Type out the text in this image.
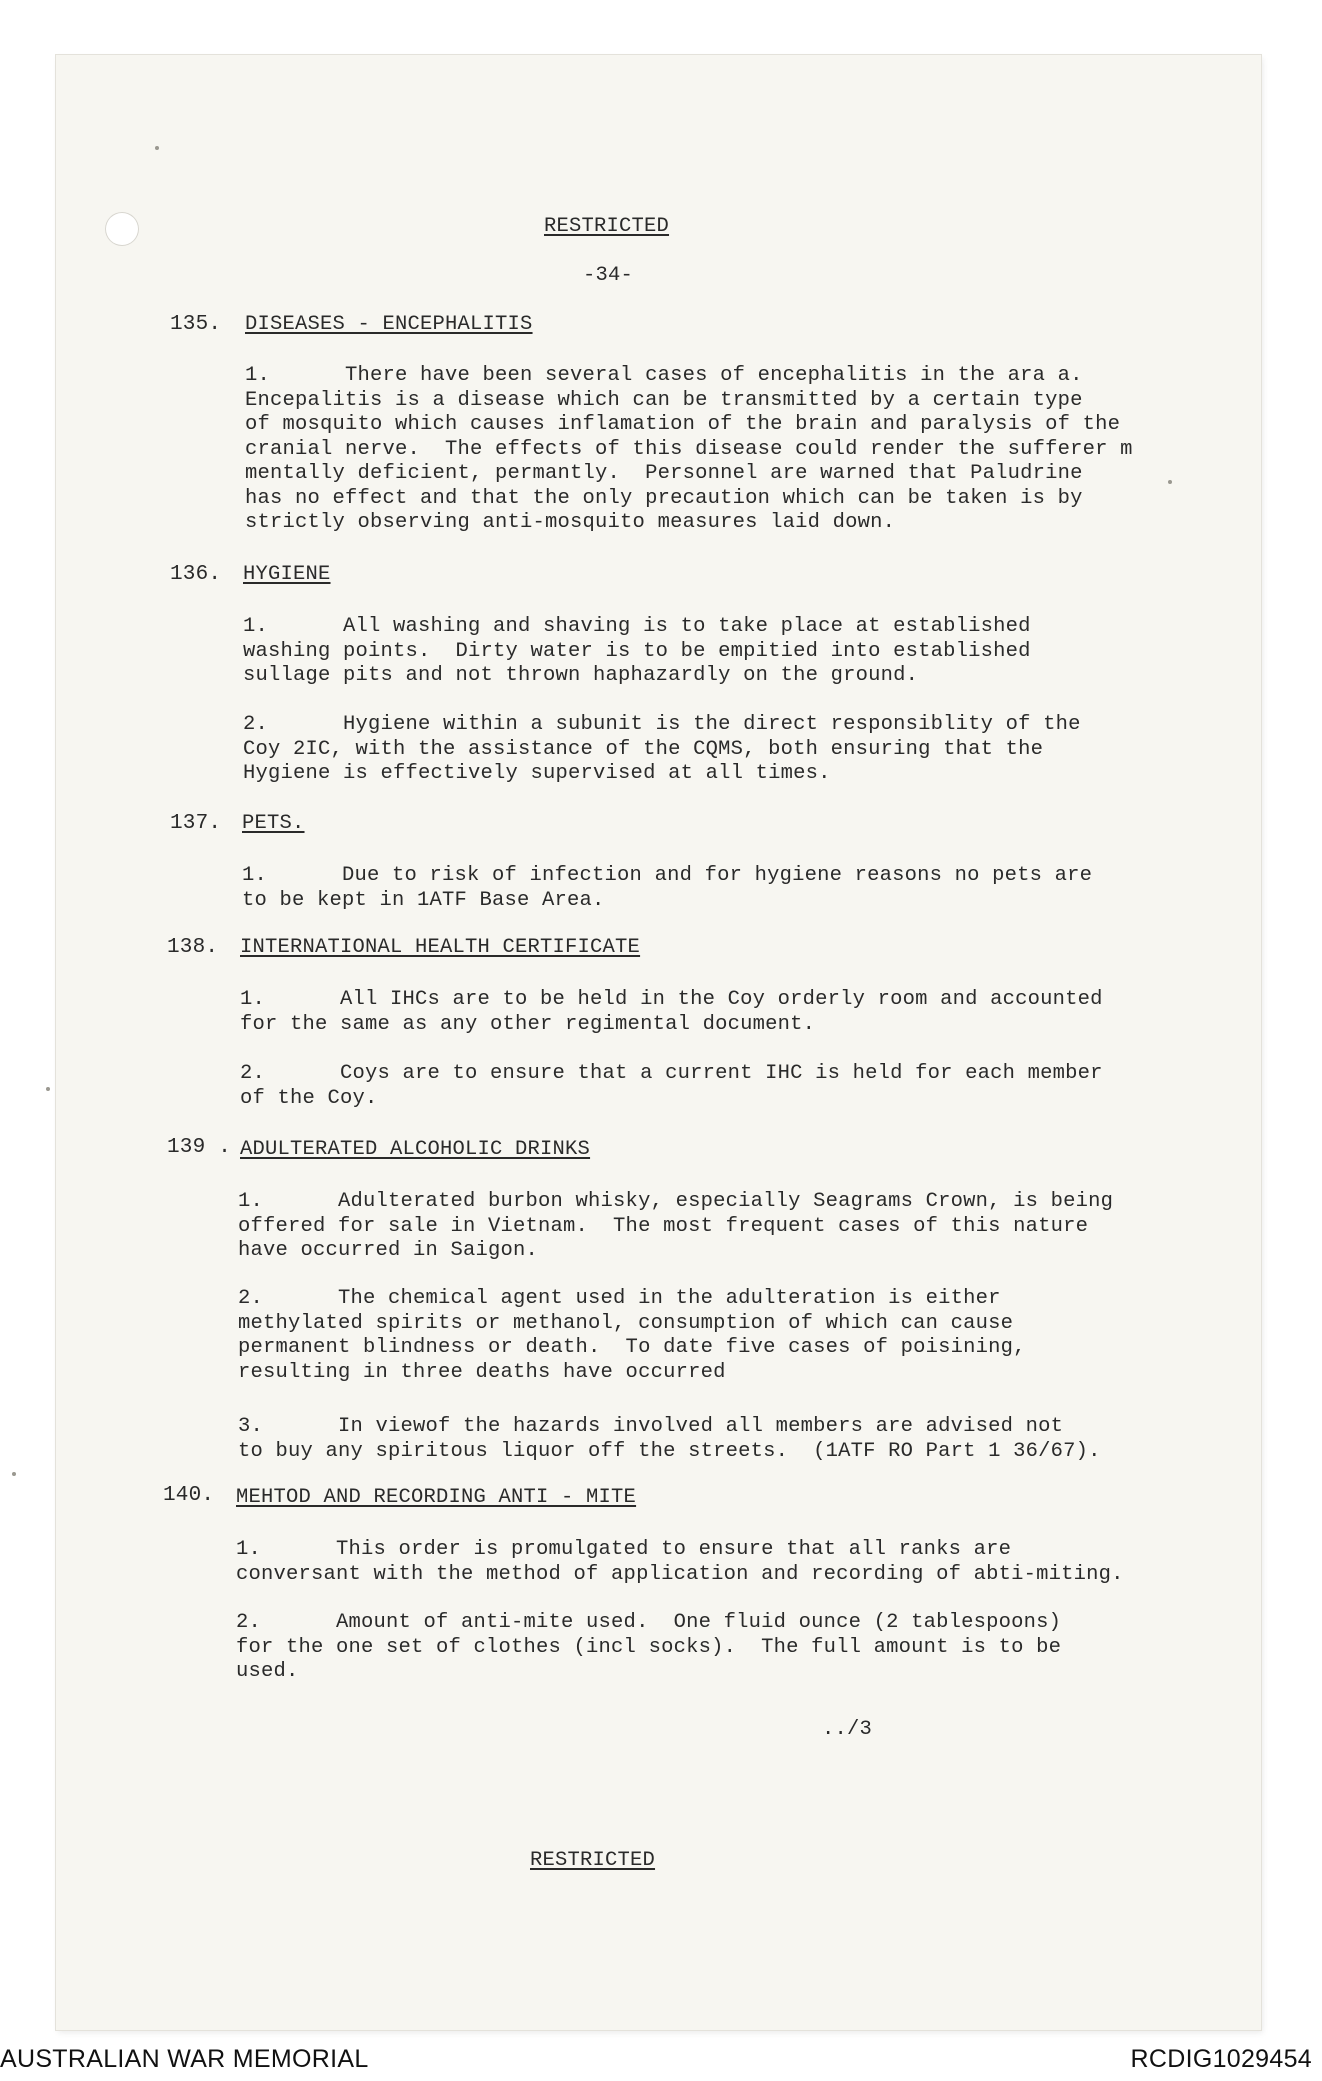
RESTRICTED
-34-
135. DISEASES - ENCEPHALITIS
1.      There have been several cases of encephalitis in the ara a.
Encepalitis is a disease which can be transmitted by a certain type
of mosquito which causes inflamation of the brain and paralysis of the
cranial nerve.  The effects of this disease could render the sufferer m
mentally deficient, permantly.  Personnel are warned that Paludrine
has no effect and that the only precaution which can be taken is by
strictly observing anti-mosquito measures laid down.
136. HYGIENE
1.      All washing and shaving is to take place at established
washing points.  Dirty water is to be empitied into established
sullage pits and not thrown haphazardly on the ground.
2.      Hygiene within a subunit is the direct responsiblity of the
Coy 2IC, with the assistance of the CQMS, both ensuring that the
Hygiene is effectively supervised at all times.
137. PETS.
1.      Due to risk of infection and for hygiene reasons no pets are
to be kept in 1ATF Base Area.
138. INTERNATIONAL HEALTH CERTIFICATE
1.      All IHCs are to be held in the Coy orderly room and accounted
for the same as any other regimental document.
2.      Coys are to ensure that a current IHC is held for each member
of the Coy.
139 . ADULTERATED ALCOHOLIC DRINKS
1.      Adulterated burbon whisky, especially Seagrams Crown, is being
offered for sale in Vietnam.  The most frequent cases of this nature
have occurred in Saigon.
2.      The chemical agent used in the adulteration is either
methylated spirits or methanol, consumption of which can cause
permanent blindness or death.  To date five cases of poisining,
resulting in three deaths have occurred
3.      In viewof the hazards involved all members are advised not
to buy any spiritous liquor off the streets.  (1ATF RO Part 1 36/67).
140. MEHTOD AND RECORDING ANTI - MITE
1.      This order is promulgated to ensure that all ranks are
conversant with the method of application and recording of abti-miting.
2.      Amount of anti-mite used.  One fluid ounce (2 tablespoons)
for the one set of clothes (incl socks).  The full amount is to be
used.
../3
RESTRICTED
AUSTRALIAN WAR MEMORIAL	RCDIG1029454
